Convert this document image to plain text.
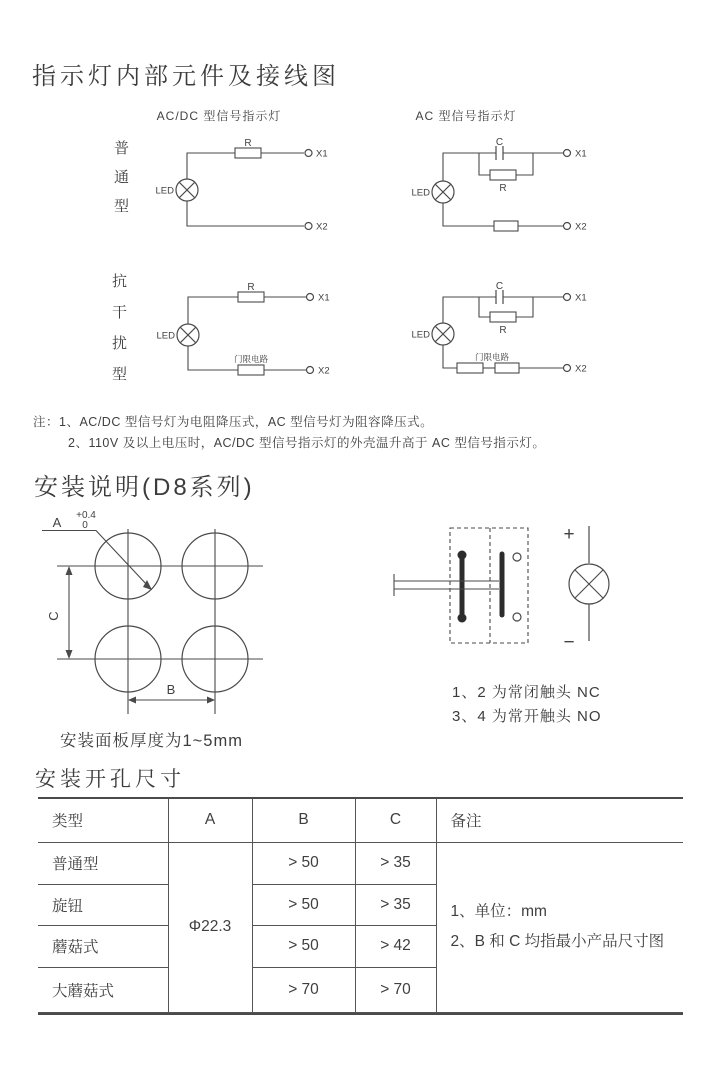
指示灯内部元件及接线图
AC/DC 型信号指示灯	AC 型信号指示灯
普通型
抗干扰型
X1
R
LED
X2
LED
C
R
X1
X2
LED
R
X1
门限电路
X2
LED
C
R
X1
门限电路
X2
注：1、AC/DC 型信号灯为电阻降压式，AC 型信号灯为阻容降压式。
2、110V 及以上电压时，AC/DC 型信号指示灯的外壳温升高于 AC 型信号指示灯。
安装说明(D8系列)
C
B
A +0.4
0
安装面板厚度为1~5mm
+
−
1、2 为常闭触头 NC
3、4 为常开触头 NO
安装开孔尺寸
类型	A	B	C	备注
普通型	Φ22.3	> 50	> 35	1、单位：mm
2、B 和 C 均指最小产品尺寸图

旋钮		> 50	> 35	
蘑菇式		> 50	> 42	
大蘑菇式		> 70	> 70	
